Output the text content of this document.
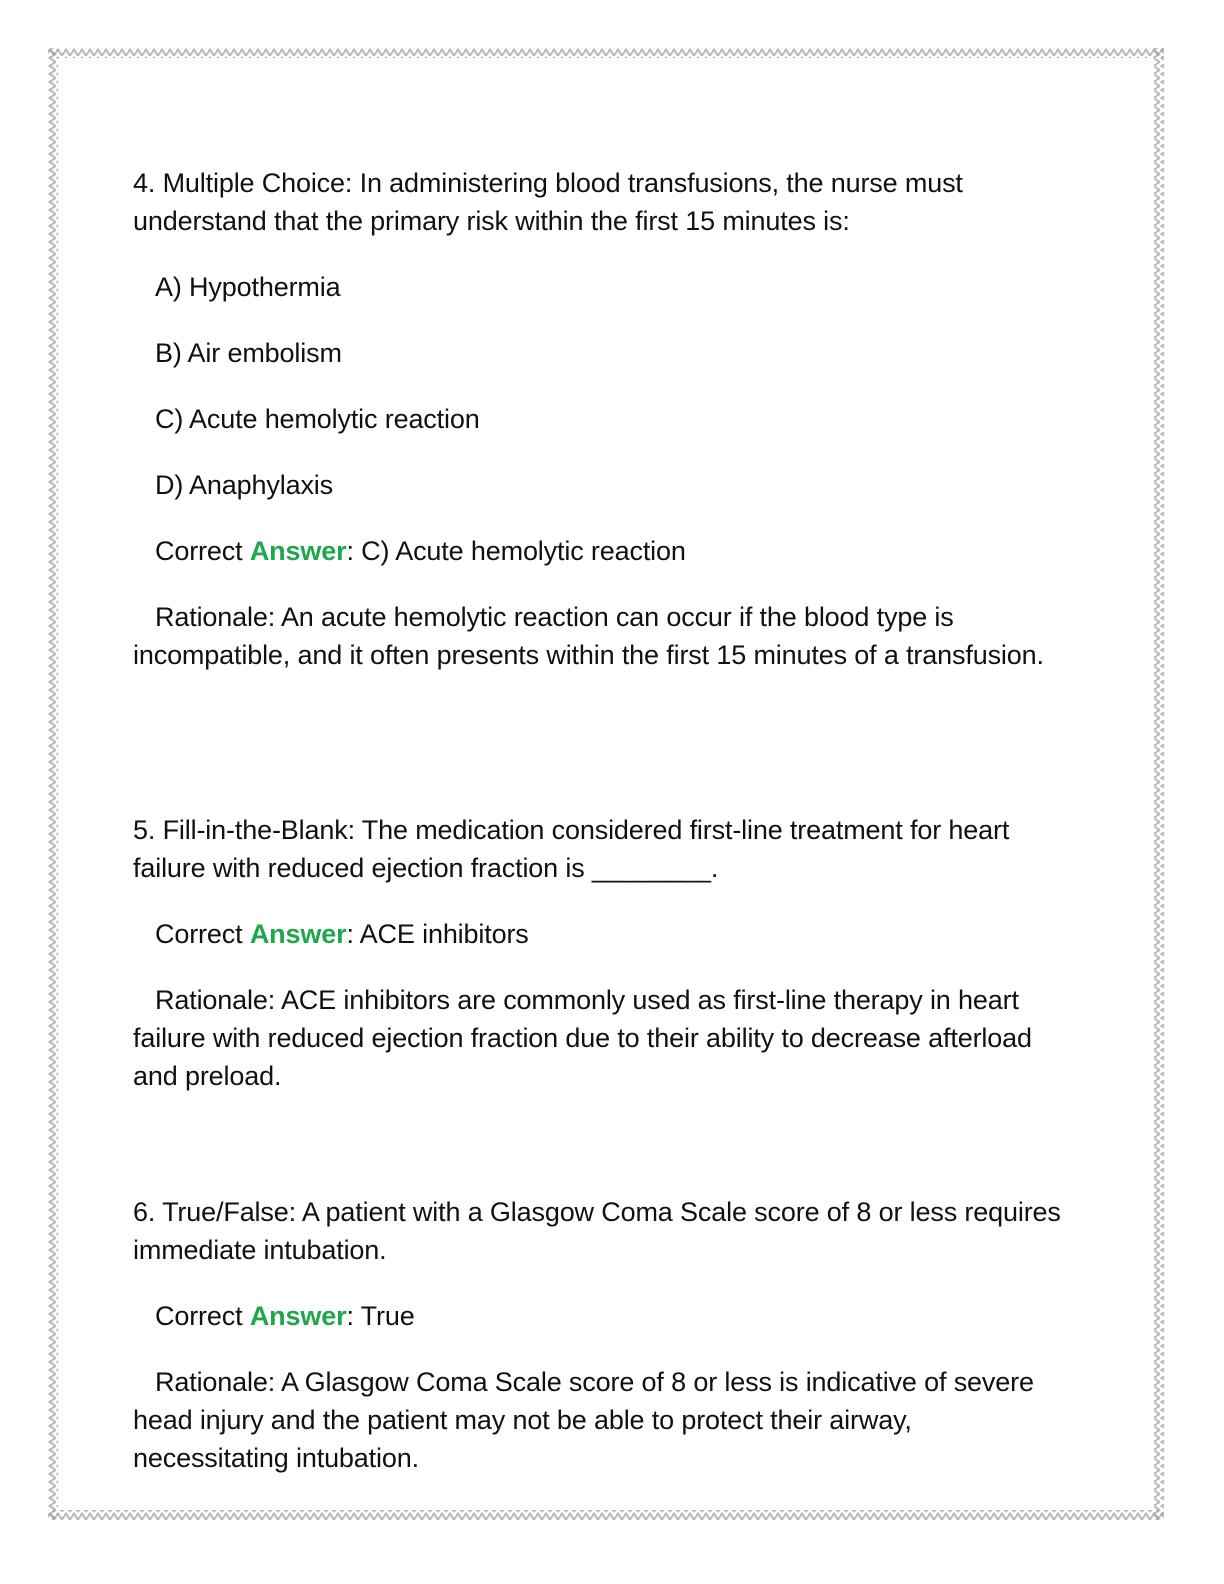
4. Multiple Choice: In administering blood transfusions, the nurse must understand that the primary risk within the first 15 minutes is:

A) Hypothermia
B) Air embolism
C) Acute hemolytic reaction
D) Anaphylaxis
Correct Answer: C) Acute hemolytic reaction

Rationale: An acute hemolytic reaction can occur if the blood type is incompatible, and it often presents within the first 15 minutes of a transfusion.

5. Fill-in-the-Blank: The medication considered first-line treatment for heart failure with reduced ejection fraction is ________.

Correct Answer: ACE inhibitors

Rationale: ACE inhibitors are commonly used as first-line therapy in heart failure with reduced ejection fraction due to their ability to decrease afterload and preload.

6. True/False: A patient with a Glasgow Coma Scale score of 8 or less requires immediate intubation.

Correct Answer: True

Rationale: A Glasgow Coma Scale score of 8 or less is indicative of severe head injury and the patient may not be able to protect their airway, necessitating intubation.
